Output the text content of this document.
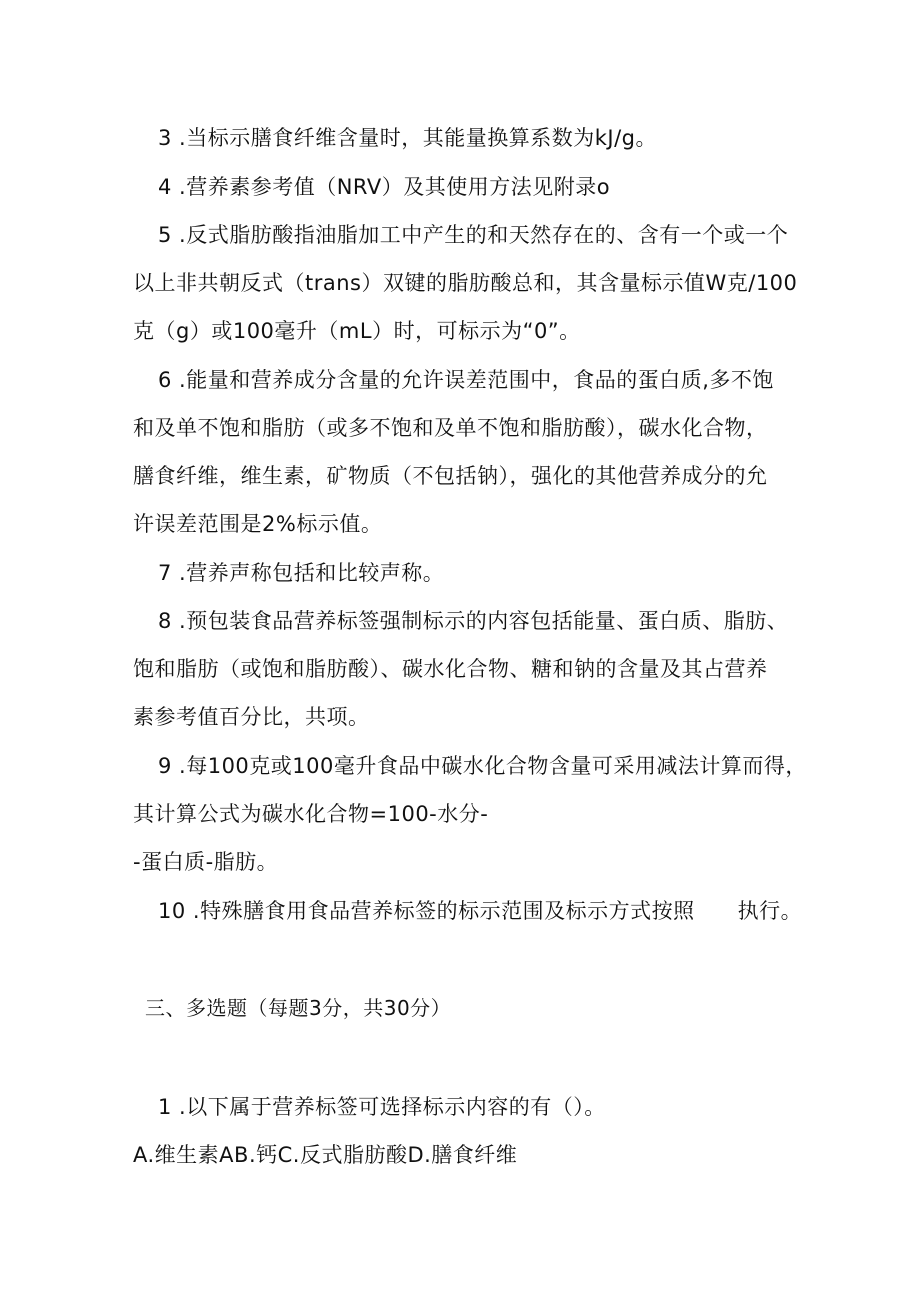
3 .当标示膳食纤维含量时，其能量换算系数为kJ/g。
4 .营养素参考值（NRV）及其使用方法见附录o
5 .反式脂肪酸指油脂加工中产生的和天然存在的、含有一个或一个
以上非共朝反式（trans）双键的脂肪酸总和，其含量标示值W克/100
克（g）或100毫升（mL）时，可标示为“0”。
6 .能量和营养成分含量的允许误差范围中，食品的蛋白质,多不饱
和及单不饱和脂肪（或多不饱和及单不饱和脂肪酸），碳水化合物，
膳食纤维，维生素，矿物质（不包括钠），强化的其他营养成分的允
许误差范围是2%标示值。
7 .营养声称包括和比较声称。
8 .预包装食品营养标签强制标示的内容包括能量、蛋白质、脂肪、
饱和脂肪（或饱和脂肪酸）、碳水化合物、糖和钠的含量及其占营养
素参考值百分比，共项。
9 .每100克或100毫升食品中碳水化合物含量可采用减法计算而得，
其计算公式为碳水化合物=100-水分-
-蛋白质-脂肪。
10 .特殊膳食用食品营养标签的标示范围及标示方式按照　　执行。
三、多选题（每题3分，共30分）
1 .以下属于营养标签可选择标示内容的有（）。
A.维生素AB.钙C.反式脂肪酸D.膳食纤维
